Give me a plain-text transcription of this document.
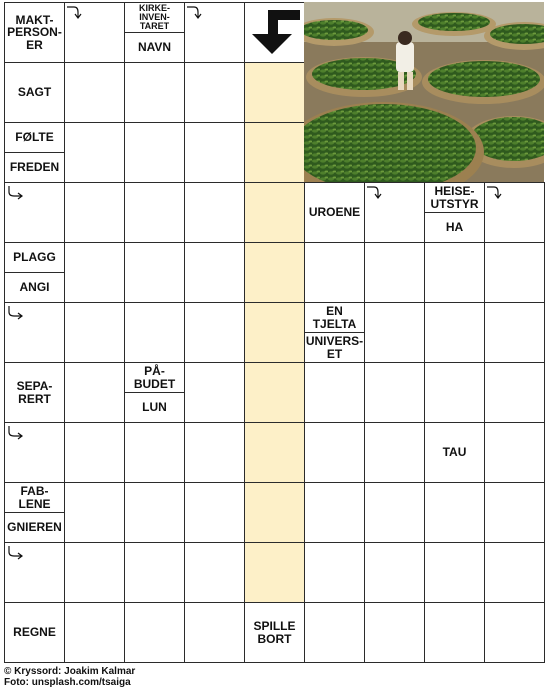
MAKT-
PERSON-
ER
KIRKE-
INVEN-
TARET
NAVN
SAGT
FØLTE
FREDEN
UROENE
HEISE-
UTSTYR
HA
PLAGG
ANGI
EN
TJELTA
UNIVERS-
ET
SEPA-
RERT
PÅ-
BUDET
LUN
TAU
FAB-
LENE
GNIEREN
REGNE	SPILLE
BORT
© Kryssord: Joakim Kalmar
Foto: unsplash.com/tsaiga
